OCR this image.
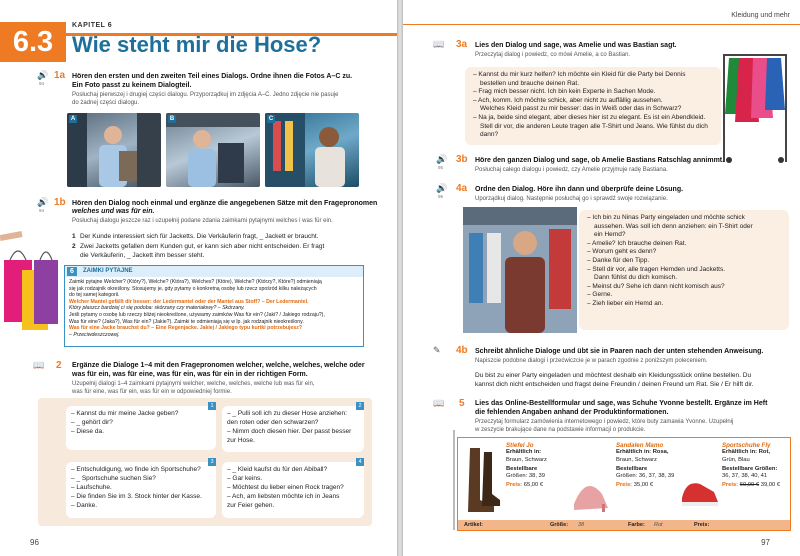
6.3
KAPITEL 6
Wie steht mir die Hose?
🔊
94
1a Hören den ersten und den zweiten Teil eines Dialogs. Ordne ihnen die Fotos A–C zu.
Ein Foto passt zu keinem Dialogteil.
Posłuchaj pierwszej i drugiej części dialogu. Przyporządkuj im zdjęcia A–C. Jedno zdjęcie nie pasuje
do żadnej części dialogu.
A	B	C
🔊
94
1b Hören den Dialog noch einmal und ergänze die angegebenen Sätze mit den Fragepronomen
welches und was für ein.
Posłuchaj dialogu jeszcze raz i uzupełnij podane zdania zaimkami pytajnymi welches i was für ein.
1 Der Kunde interessiert sich für Jacketts. Die Verkäuferin fragt, _ Jackett er braucht.
2 Zwei Jacketts gefallen dem Kunden gut, er kann sich aber nicht entscheiden. Er fragt
die Verkäuferin, _ Jackett ihm besser steht.
6	ZAIMKI PYTAJNE
Zaimki pytajne Welcher? (Który?), Welche? (Która?), Welches? (Które), Welche? (Którzy?, Które?) odmieniają
się jak rodzajnik określony. Stosujemy je, gdy pytamy o konkretną osobę lub rzecz spośród kilku należących
do tej samej kategorii.
Welcher Mantel gefällt dir besser: der Ledermantel oder der Mantel aus Stoff? – Der Ledermantel.
Który płaszcz bardziej ci się podoba: skórzany czy materiałowy? – Skórzany.
Jeśli pytamy o osobę lub rzeczy bliżej nieokreślone, używamy zaimków Was für ein? (Jaki? / Jakiego rodzaju?),
Was für eine? (Jaka?), Was für ein? (Jakie?). Zaimki te odmieniają się w lp. jak rodzajnik nieokreślony.
Was für eine Jacke brauchst du? – Eine Regenjacke. Jakiej / Jakiego typu kurtki potrzebujesz?
– Przeciwdeszczowej.
📖 2 Ergänze die Dialoge 1–4 mit den Fragepronomen welcher, welche, welches, welche oder
was für ein, was für eine, was für ein, was für ein in der richtigen Form.
Uzupełnij dialogi 1–4 zaimkami pytajnymi welcher, welche, welches, welche lub was für ein,
was für eine, was für ein, was für ein w odpowiedniej formie.
1
– Kannst du mir meine Jacke geben?
– _ gehört dir?
– Diese da.
2
– _ Pulli soll ich zu dieser Hose anziehen:
den roten oder den schwarzen?
– Nimm doch diesen hier. Der passt besser
zur Hose.
3
– Entschuldigung, wo finde ich Sportschuhe?
– _ Sportschuhe suchen Sie?
– Laufschuhe.
– Die finden Sie im 3. Stock hinter der Kasse.
– Danke.
4
– _ Kleid kaufst du für den Abiball?
– Gar keins.
– Möchtest du lieber einen Rock tragen?
– Ach, am liebsten möchte ich in Jeans
zur Feier gehen.
96
Kleidung und mehr
📖 3a Lies den Dialog und sage, was Amelie und was Bastian sagt.
Przeczytaj dialog i powiedz, co mówi Amelie, a co Bastian.
– Kannst du mir kurz helfen? Ich möchte ein Kleid für die Party bei Dennis
bestellen und brauche deinen Rat.
– Frag mich besser nicht. Ich bin kein Experte in Sachen Mode.
– Ach, komm. Ich möchte schick, aber nicht zu auffällig aussehen.
Welches Kleid passt zu mir besser: das in Weiß oder das in Schwarz?
– Na ja, beide sind elegant, aber dieses hier ist zu elegant. Es ist ein Abendkleid.
Stell dir vor, die anderen Leute tragen alle T-Shirt und Jeans. Wie fühlst du dich dann?
🔊
95
3b Höre den ganzen Dialog und sage, ob Amelie Bastians Ratschlag annimmt.
Posłuchaj całego dialogu i powiedz, czy Amelie przyjmuje radę Bastiana.
🔊
96
4a Ordne den Dialog. Höre ihn dann und überprüfe deine Lösung.
Uporządkuj dialog. Następnie posłuchaj go i sprawdź swoje rozwiązanie.
– Ich bin zu Ninas Party eingeladen und möchte schick
aussehen. Was soll ich denn anziehen: ein T-Shirt oder
ein Hemd?
– Amelie? Ich brauche deinen Rat.
– Worum geht es denn?
– Danke für den Tipp.
– Stell dir vor, alle tragen Hemden und Jacketts.
Dann fühlst du dich komisch.
– Meinst du? Sehe ich dann nicht komisch aus?
– Gerne.
– Zieh lieber ein Hemd an.
✎ 4b Schreibt ähnliche Dialoge und übt sie in Paaren nach der unten stehenden Anweisung.
Napiszcie podobne dialogi i przećwiczcie je w parach zgodnie z poniższym poleceniem.
Du bist zu einer Party eingeladen und möchtest deshalb ein Kleidungsstück online bestellen. Du
kannst dich nicht entscheiden und fragst deine Freundin / deinen Freund um Rat. Sie / Er hilft dir.
📖 5 Lies das Online-Bestellformular und sage, was Schuhe Yvonne bestellt. Ergänze im Heft
die fehlenden Angaben anhand der Produktinformationen.
Przeczytaj formularz zamówienia internetowego i powiedz, które buty zamawia Yvonne. Uzupełnij
w zeszycie brakujące dane na podstawie informacji o produkcie.
Stiefel Jo
Erhältlich in:
Braun, Schwarz
Bestellbare
Größen: 38, 39
Preis: 65,00 €
Sandalen Mamo
Erhältlich in: Rosa,
Braun, Schwarz
Bestellbare
Größen: 36, 37, 38, 39
Preis: 35,00 €
Sportschuhe Fly
Erhältlich in: Rot,
Grün, Blau
Bestellbare Größen:
36, 37, 38, 40, 41
Preis: 60,00 € 39,00 €
Artikel:	Größe: 38	Farbe: Rot	Preis:
97
